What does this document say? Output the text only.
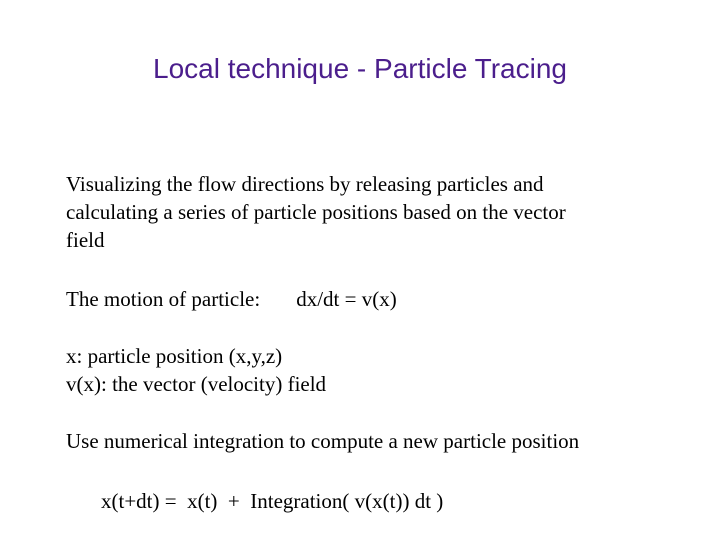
Local technique - Particle Tracing
Visualizing the flow directions by releasing particles and
calculating a series of particle positions based on the vector
field
The motion of particle: dx/dt = v(x)
x: particle position (x,y,z)
v(x): the vector (velocity) field
Use numerical integration to compute a new particle position
x(t+dt) =  x(t)  +  Integration( v(x(t)) dt )
